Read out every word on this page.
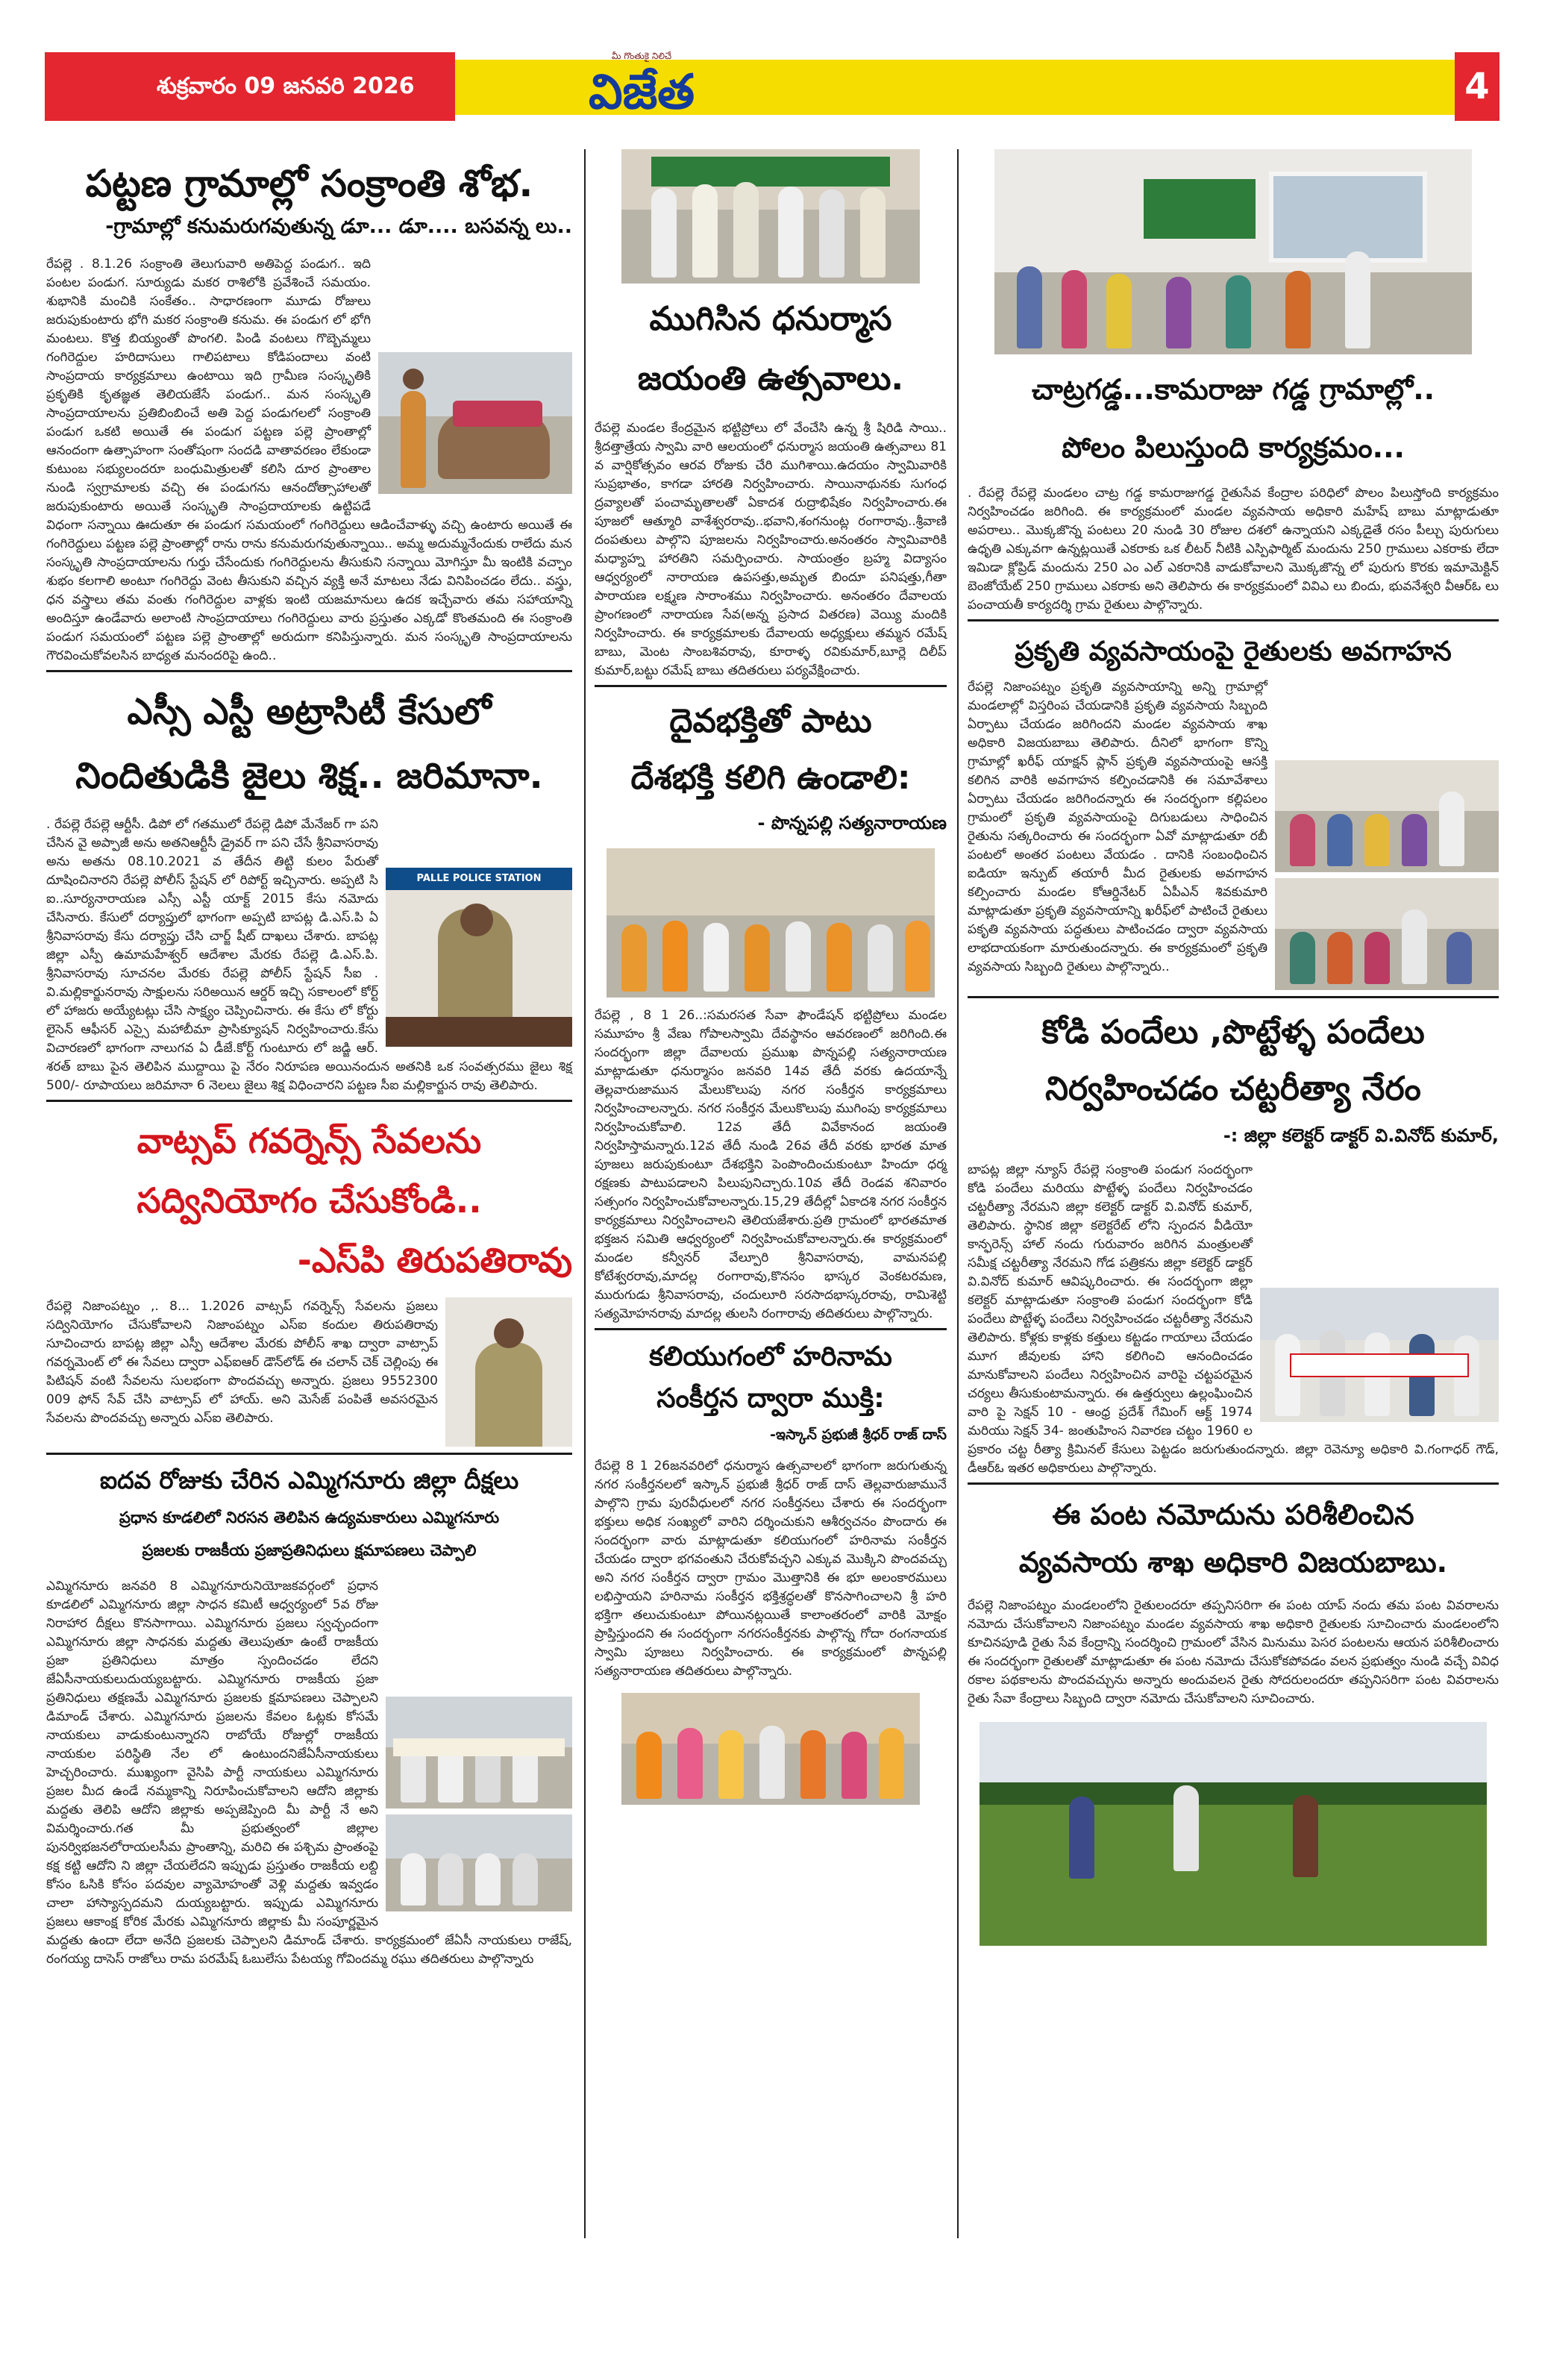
శుక్రవారం 09 జనవరి 2026
మీ గొంతుకై నిలిచే
విజేత	4
పట్టణ గ్రామాల్లో సంక్రాంతి శోభ.
-గ్రామాల్లో కనుమరుగవుతున్న డూ... డూ.... బసవన్న లు..
రేపల్లె . 8.1.26 సంక్రాంతి తెలుగువారి అతిపెద్ద పండుగ.. ఇది పంటల పండుగ. సూర్యుడు మకర రాశిలోకి ప్రవేశించే సమయం. శుభానికి మంచికి సంకేతం.. సాధారణంగా మూడు రోజులు జరుపుకుంటారు భోగి మకర సంక్రాంతి కనుమ. ఈ పండుగ లో భోగి మంటలు. కొత్త బియ్యంతో పొంగలి. పిండి వంటలు గొబ్బెమ్మలు గంగిరెద్దుల హరిదాసులు గాలిపటాలు కోడిపందాలు వంటి సాంప్రదాయ కార్యక్రమాలు ఉంటాయి ఇది గ్రామీణ సంస్కృతికి ప్రకృతికి కృతజ్ఞత తెలియజేసే పండుగ.. మన సంస్కృతి సాంప్రదాయాలను ప్రతిబింబించే అతి పెద్ద పండుగలలో సంక్రాంతి పండుగ ఒకటి అయితే ఈ పండుగ పట్టణ పల్లె ప్రాంతాల్లో ఆనందంగా ఉత్సాహంగా సంతోషంగా సందడి వాతావరణం లేకుండా కుటుంబ సభ్యులందరూ బంధుమిత్రులతో కలిసి దూర ప్రాంతాల నుండి స్వగ్రామాలకు వచ్చి ఈ పండుగను ఆనందోత్సాహాలతో జరుపుకుంటారు అయితే సంస్కృతి సాంప్రదాయాలకు ఉట్టిపడే విధంగా సన్నాయి ఊదుతూ ఈ పండుగ సమయంలో గంగిరెద్దులు ఆడించేవాళ్ళు వచ్చి ఉంటారు అయితే ఈ గంగిరెద్దులు పట్టణ పల్లె ప్రాంతాల్లో రాను రాను కనుమరుగవుతున్నాయి.. అమ్మ అదుమ్మనేందుకు రాలేదు మన సంస్కృతి సాంప్రదాయాలను గుర్తు చేసేందుకు గంగిరెద్దులను తీసుకుని సన్నాయి మోగిస్తూ మీ ఇంటికి వచ్చాం శుభం కలగాలి అంటూ గంగిరెద్దు వెంట తీసుకుని వచ్చిన వ్యక్తి అనే మాటలు నేడు వినిపించడం లేదు.. వస్త్రు, ధన వస్త్రాలు తమ వంతు గంగిరెద్దుల వాళ్లకు ఇంటి యజమానులు ఉదక ఇచ్చేవారు తమ సహాయాన్ని అందిస్తూ ఉండేవారు అలాంటి సాంప్రదాయాలు గంగిరెద్దులు వారు ప్రస్తుతం ఎక్కడో కొంతమంది ఈ సంక్రాంతి పండుగ సమయంలో పట్టణ పల్లె ప్రాంతాల్లో అరుదుగా కనిపిస్తున్నారు. మన సంస్కృతి సాంప్రదాయాలను గౌరవించుకోవలసిన బాధ్యత మనందరిపై ఉంది..
ఎస్సీ ఎస్టీ అట్రాసిటీ కేసులో
నిందితుడికి జైలు శిక్ష.. జరిమానా.
PALLE POLICE STATION
. రేపల్లె రేపల్లె ఆర్టీసీ. డిపో లో గతములో రేపల్లె డిపో మేనేజర్ గా పని చేసిన వై అప్పాజీ అను అతనిఆర్టీసీ డ్రైవర్ గా పని చేసే శ్రీనివాసరావు అను అతను 08.10.2021 వ తేదీన తిట్టి కులం పేరుతో దూషించినారని రేపల్లె పోలీస్ స్టేషన్ లో రిపోర్ట్ ఇచ్చినారు. అప్పటి సి ఐ..సూర్యనారాయణ ఎస్సీ ఎస్టీ యాక్ట్ 2015 కేసు నమోదు చేసినారు. కేసులో దర్యాప్తులో భాగంగా అప్పటి బాపట్ల డి.ఎస్.పి ఏ శ్రీనివాసరావు కేసు దర్యాప్తు చేసి చార్జ్ షీట్ దాఖలు చేశారు. బాపట్ల జిల్లా ఎస్పీ ఉమామహేశ్వర్ ఆదేశాల మేరకు రేపల్లె డి.ఎస్.పి. శ్రీనివాసరావు సూచనల మేరకు రేపల్లె పోలీస్ స్టేషన్ సీఐ . వి.మల్లికార్జునరావు సాక్షులను సరిఅయిన ఆర్డర్ ఇచ్చి సకాలంలో కోర్ట్ లో హాజరు అయ్యేటట్లు చేసి సాక్ష్యం చెప్పించినారు. ఈ కేసు లో కోర్టు లైసెన్ ఆఫీసర్ ఎస్సై మహాబీమా ప్రాసిక్యూషన్ నిర్వహించారు.కేసు విచారణలో భాగంగా నాలుగవ ఏ డీజే.కోర్ట్ గుంటూరు లో జడ్జి ఆర్. శరత్ బాబు పైన తెలిపిన ముద్దాయి పై నేరం నిరూపణ అయినందున అతనికి ఒక సంవత్సరము జైలు శిక్ష 500/- రూపాయలు జరిమానా 6 నెలలు జైలు శిక్ష విధించారని పట్టణ సీఐ మల్లికార్జున రావు తెలిపారు.
వాట్సప్ గవర్నెన్స్ సేవలను
సద్వినియోగం చేసుకోండి..
-ఎస్‌పి తిరుపతిరావు
రేపల్లె నిజాంపట్నం ,. 8... 1.2026 వాట్సప్ గవర్నెన్స్ సేవలను ప్రజలు సద్వినియోగం చేసుకోవాలని నిజాంపట్నం ఎస్ఐ కందుల తిరుపతిరావు సూచించారు బాపట్ల జిల్లా ఎస్పీ ఆదేశాల మేరకు పోలీస్ శాఖ ద్వారా వాట్సాప్ గవర్నమెంట్ లో ఈ సేవలు ద్వారా ఎఫ్ఐఆర్ డౌన్‌లోడ్ ఈ చలాన్ చెక్ చెల్లింపు ఈ పిటిషన్ వంటి సేవలను సులభంగా పొందవచ్చు అన్నారు. ప్రజలు 9552300 009 ఫోన్ సేవ్ చేసి వాట్సాప్ లో హాయ్. అని మెసేజ్ పంపితే అవసరమైన సేవలను పొందవచ్చు అన్నారు ఎస్ఐ తెలిపారు.
ఐదవ రోజుకు చేరిన ఎమ్మిగనూరు జిల్లా దీక్షలు
ప్రధాన కూడలిలో నిరసన తెలిపిన ఉద్యమకారులు ఎమ్మిగనూరు
ప్రజలకు రాజకీయ ప్రజాప్రతినిధులు క్షమాపణలు చెప్పాలి
ఎమ్మిగనూరు జనవరి 8 ఎమ్మిగనూరునియోజకవర్గంలో ప్రధాన కూడలిలో ఎమ్మిగనూరు జిల్లా సాధన కమిటీ ఆధ్వర్యంలో 5వ రోజు నిరాహార దీక్షలు కొనసాగాయి. ఎమ్మిగనూరు ప్రజలు స్వచ్ఛందంగా ఎమ్మిగనూరు జిల్లా సాధనకు మద్దతు తెలుపుతూ ఉంటే రాజకీయ ప్రజా ప్రతినిధులు మాత్రం స్పందించడం లేదని జేఏసీనాయకులుదుయ్యబట్టారు. ఎమ్మిగనూరు రాజకీయ ప్రజా ప్రతినిధులు తక్షణమే ఎమ్మిగనూరు ప్రజలకు క్షమాపణలు చెప్పాలని డిమాండ్ చేశారు. ఎమ్మిగనూరు ప్రజలను కేవలం ఓట్లకు కోసమే నాయకులు వాడుకుంటున్నారని రాబోయే రోజుల్లో రాజకీయ నాయకుల పరిస్థితి నేల లో ఉంటుందనిజేఏసీనాయకులు హెచ్చరించారు. ముఖ్యంగా వైసిపి పార్టీ నాయకులు ఎమ్మిగనూరు ప్రజల మీద ఉండే నమ్మకాన్ని నిరూపించుకోవాలని ఆదోని జిల్లాకు మద్దతు తెలిపి ఆదోని జిల్లాకు అప్పజెప్పింది మీ పార్టీ నే అని విమర్శించారు.గత మీ ప్రభుత్వంలో జిల్లాల పునర్విభజనలోరాయలసీమ ప్రాంతాన్ని, మరిచి ఈ పశ్చిమ ప్రాంతంపై కక్ష కట్టి ఆదోని ని జిల్లా చేయలేదని ఇప్పుడు ప్రస్తుతం రాజకీయ లబ్ది కోసం ఓసికి కోసం పదవుల వ్యామోహంతో వెళ్లి మద్దతు ఇవ్వడం చాలా హాస్యాస్పదమని దుయ్యబట్టారు. ఇప్పుడు ఎమ్మిగనూరు ప్రజలు ఆకాంక్ష కోరిక మేరకు ఎమ్మిగనూరు జిల్లాకు మీ సంపూర్ణమైన మద్దతు ఉందా లేదా అనేది ప్రజలకు చెప్పాలని డిమాండ్ చేశారు. కార్యక్రమంలో జేఏసీ నాయకులు రాజేష్, రంగయ్య దాసెస్ రాజోలు రామ పరమేష్ ఓబులేసు పేటయ్య గోవిందమ్మ రఘు తదితరులు పాల్గొన్నారు
ముగిసిన ధనుర్మాస
జయంతి ఉత్సవాలు.
రేపల్లె మండల కేంద్రమైన భట్టిప్రోలు లో వేంచేసి ఉన్న శ్రీ షిరిడి సాయి.. శ్రీదత్తాత్రేయ స్వామి వారి ఆలయంలో ధనుర్మాస జయంతి ఉత్సవాలు 81 వ వార్షికోత్సవం ఆరవ రోజుకు చేరి ముగిశాయి.ఉదయం స్వామివారికి సుప్రభాతం, కాగడా హారతి నిర్వహించారు. సాయినాథునకు సుగంధ ద్రవ్యాలతో పంచామృతాలతో ఏకాదశ రుద్రాభిషేకం నిర్వహించారు.ఈ పూజలో ఆత్మూరి వాశేశ్వరరావు..భవాని,శంగనుంట్ల రంగారావు..శ్రీవాణి దంపతులు పాల్గొని పూజలను నిర్వహించారు.అనంతరం స్వామివారికి మధ్యాహ్న హారతిని సమర్పించారు. సాయంత్రం బ్రహ్మ విద్యాసం ఆధ్వర్యంలో నారాయణ ఉపసత్తు,అమృత బిందూ పనిషత్తు,గీతా పారాయణ లక్ష్మణ సారాంశము నిర్వహించారు. అనంతరం దేవాలయ ప్రాంగణంలో నారాయణ సేవ(అన్న ప్రసాద వితరణ) వెయ్యి మందికి నిర్వహించారు. ఈ కార్యక్రమాలకు దేవాలయ అధ్యక్షులు తమ్మన రమేష్ బాబు, మెంట సాంబశివరావు, కూరాళ్ళ రవికుమార్,బూర్లె దిలీప్ కుమార్,బట్టు రమేష్ బాబు తదితరులు పర్యవేక్షించారు.
దైవభక్తితో పాటు
దేశభక్తి కలిగి ఉండాలి:
- పొన్నపల్లి సత్యనారాయణ
రేపల్లె , 8 1 26..:సమరసత సేవా ఫౌండేషన్ భట్టిప్రోలు మండల సమూహం శ్రీ వేణు గోపాలస్వామి దేవస్థానం ఆవరణంలో జరిగింది.ఈ సందర్భంగా జిల్లా దేవాలయ ప్రముఖ పొన్నపల్లి సత్యనారాయణ మాట్లాడుతూ ధనుర్మాసం జనవరి 14వ తేదీ వరకు ఉదయాన్నే తెల్లవారుజామున మేలుకొలుపు నగర సంకీర్తన కార్యక్రమాలు నిర్వహించాలన్నారు. నగర సంకీర్తన మేలుకొలుపు ముగింపు కార్యక్రమాలు నిర్వహించుకోవాలి. 12వ తేదీ వివేకానంద జయంతి నిర్వహిస్తామన్నారు.12వ తేదీ నుండి 26వ తేదీ వరకు భారత మాత పూజలు జరుపుకుంటూ దేశభక్తిని పెంపొందించుకుంటూ హిందూ ధర్మ రక్షణకు పాటుపడాలని పిలుపునిచ్చారు.10వ తేదీ రెండవ శనివారం సత్సంగం నిర్వహించుకోవాలన్నారు.15,29 తేదీల్లో ఏకాదశి నగర సంకీర్తన కార్యక్రమాలు నిర్వహించాలని తెలియజేశారు.ప్రతి గ్రామంలో భారతమాత భక్తజన సమితి ఆధ్వర్యంలో నిర్వహించుకోవాలన్నారు.ఈ కార్యక్రమంలో మండల కన్వీనర్ వేల్పూరి శ్రీనివాసరావు, వామనపల్లి కోటేశ్వరరావు,మాదల్ల రంగారావు,కొనసం భాస్కర వెంకటరమణ, మురుగుడు శ్రీనివాసరావు, చందులూరి సరసాదభాస్కరరావు, రామిశెట్టి సత్యమోహనరావు మాదల్ల తులసి రంగారావు తదితరులు పాల్గొన్నారు.
కలియుగంలో హరినామ
సంకీర్తన ద్వారా ముక్తి:
-ఇస్కాన్ ప్రభుజీ శ్రీధర్ రాజ్ దాస్
రేపల్లె 8 1 26జనవరిలో ధనుర్మాస ఉత్సవాలలో భాగంగా జరుగుతున్న నగర సంకీర్తనలలో ఇస్కాన్ ప్రభుజీ శ్రీధర్ రాజ్ దాస్ తెల్లవారుజామునే పాల్గొని గ్రామ పురవీధులలో నగర సంకీర్తనలు చేశారు ఈ సందర్భంగా భక్తులు అధిక సంఖ్యలో వారిని దర్శించుకుని ఆశీర్వచనం పొందారు ఈ సందర్భంగా వారు మాట్లాడుతూ కలియుగంలో హరినామ సంకీర్తన చేయడం ద్వారా భగవంతుని చేరుకోవచ్చని ఎక్కువ మొక్కిని పొందవచ్చు అని నగర సంకీర్తన ద్వారా గ్రామం మొత్తానికి ఈ భూ అలంకారములు లభిస్తాయని హరినామ సంకీర్తన భక్తిశ్రద్ధలతో కొనసాగించాలని శ్రీ హరి భక్తిగా తలుచుకుంటూ పోయినట్లయితే కాలాంతరంలో వారికి మోక్షం ప్రాప్తిస్తుందని ఈ సందర్భంగా నగరసంకీర్తనకు పాల్గొన్న గోదా రంగనాయక స్వామి పూజలు నిర్వహించారు. ఈ కార్యక్రమంలో పొన్నపల్లి సత్యనారాయణ తదితరులు పాల్గొన్నారు.
చాట్రగడ్డ...కామరాజు గడ్డ గ్రామాల్లో..
పోలం పిలుస్తుంది కార్యక్రమం...
. రేపల్లె రేపల్లె మండలం చాట్ర గడ్డ కామరాజుగడ్డ రైతుసేవ కేంద్రాల పరిధిలో పొలం పిలుస్తోంది కార్యక్రమం నిర్వహించడం జరిగింది. ఈ కార్యక్రమంలో మండల వ్యవసాయ అధికారి మహేష్ బాబు మాట్లాడుతూ అపరాలు.. మొక్కజొన్న పంటలు 20 నుండి 30 రోజుల దశలో ఉన్నాయని ఎక్కడైతే రసం పీల్చు పురుగులు ఉధృతి ఎక్కువగా ఉన్నట్లయితే ఎకరాకు ఒక లీటర్ నీటికి ఎస్పిఫార్మిట్ మందును 250 గ్రాములు ఎకరాకు లేదా ఇమిడా క్లోప్రిడ్ మందును 250 ఎం ఎల్ ఎకరానికి వాడుకోవాలని మొక్కజొన్న లో పురుగు కొరకు ఇమామెక్టిన్ బెంజోయేట్ 250 గ్రాములు ఎకరాకు అని తెలిపారు ఈ కార్యక్రమంలో వివిఎ లు బిందు, భువనేశ్వరి వీఆర్ఓ లు పంచాయతీ కార్యదర్శి గ్రామ రైతులు పాల్గొన్నారు.
ప్రకృతి వ్యవసాయంపై రైతులకు అవగాహన
రేపల్లె నిజాంపట్నం ప్రకృతి వ్యవసాయాన్ని అన్ని గ్రామాల్లో మండలాల్లో విస్తరింప చేయడానికి ప్రకృతి వ్యవసాయ సిబ్బంది ఏర్పాటు చేయడం జరిగిందని మండల వ్యవసాయ శాఖ అధికారి విజయబాబు తెలిపారు. దీనిలో భాగంగా కొన్ని గ్రామాల్లో ఖరీఫ్ యాక్షన్ ప్లాన్ ప్రకృతి వ్యవసాయంపై ఆసక్తి కలిగిన వారికి అవగాహన కల్పించడానికి ఈ సమావేశాలు ఏర్పాటు చేయడం జరిగిందన్నారు ఈ సందర్భంగా కల్లిపలం గ్రామంలో ప్రకృతి వ్యవసాయంపై దిగుబడులు సాధించిన రైతును సత్కరించారు ఈ సందర్భంగా ఏవో మాట్లాడుతూ రబీ పంటలో అంతర పంటలు వేయడం . దానికి సంబంధించిన ఐడియా ఇన్పుట్ తయారీ మీద రైతులకు అవగాహన కల్పించారు మండల కోఆర్డినేటర్ ఏపీఎన్ శివకుమారి మాట్లాడుతూ ప్రకృతి వ్యవసాయాన్ని ఖరీఫ్‌లో పాటించే రైతులు పకృతి వ్యవసాయ పద్ధతులు పాటించడం ద్వారా వ్యవసాయ లాభదాయకంగా మారుతుందన్నారు. ఈ కార్యక్రమంలో ప్రకృతి వ్యవసాయ సిబ్బంది రైతులు పాల్గొన్నారు..
కోడి పందేలు ,పొట్టేళ్ళ పందేలు
నిర్వహించడం చట్టరీత్యా నేరం
-: జిల్లా కలెక్టర్ డాక్టర్ వి.వినోద్ కుమార్,
బాపట్ల జిల్లా న్యూస్ రేపల్లె సంక్రాంతి పండుగ సందర్భంగా కోడి పందేలు మరియు పొట్టేళ్ళ పందేలు నిర్వహించడం చట్టరీత్యా నేరమని జిల్లా కలెక్టర్ డాక్టర్ వి.వినోద్ కుమార్, తెలిపారు. స్థానిక జిల్లా కలెక్టరేట్ లోని స్పందన వీడియో కాన్ఫరెన్స్ హాల్ నందు గురువారం జరిగిన మంత్రులతో సమీక్ష చట్టరీత్యా నేరమని గోడ పత్రికను జిల్లా కలెక్టర్ డాక్టర్ వి.వినోద్ కుమార్ ఆవిష్కరించారు. ఈ సందర్భంగా జిల్లా కలెక్టర్ మాట్లాడుతూ సంక్రాంతి పండుగ సందర్భంగా కోడి పందేలు పొట్టేళ్ళ పందేలు నిర్వహించడం చట్టరీత్యా నేరమని తెలిపారు. కోళ్లకు కాళ్లకు కత్తులు కట్టడం గాయాలు చేయడం మూగ జీవులకు హాని కలిగించి ఆనందించడం మానుకోవాలని పందేలు నిర్వహించిన వారిపై చట్టపరమైన చర్యలు తీసుకుంటామన్నారు. ఈ ఉత్తర్వులు ఉల్లంఘించిన వారి పై సెక్షన్ 10 - ఆంధ్ర ప్రదేశ్ గేమింగ్ ఆక్ట్ 1974 మరియు సెక్షన్ 34- జంతుహింస నివారణ చట్టం 1960 ల ప్రకారం చట్ట రీత్యా క్రిమినల్ కేసులు పెట్టడం జరుగుతుందన్నారు. జిల్లా రెవెన్యూ అధికారి వి.గంగాధర్ గౌడ్, డీఆర్ఓ ఇతర అధికారులు పాల్గొన్నారు.
ఈ పంట నమోదును పరిశీలించిన
వ్యవసాయ శాఖ అధికారి విజయబాబు.
రేపల్లె నిజాంపట్నం మండలంలోని రైతులందరూ తప్పనిసరిగా ఈ పంట యాప్ నందు తమ పంట వివరాలను నమోదు చేసుకోవాలని నిజాంపట్నం మండల వ్యవసాయ శాఖ అధికారి రైతులకు సూచించారు మండలంలోని కూచినపూడి రైతు సేవ కేంద్రాన్ని సందర్శించి గ్రామంలో వేసిన మినుము పెసర పంటలను ఆయన పరిశీలించారు ఈ సందర్భంగా రైతులతో మాట్లాడుతూ ఈ పంట నమోదు చేసుకోకపోవడం వలన ప్రభుత్వం నుండి వచ్చే వివిధ రకాల పథకాలను పొందవచ్చును అన్నారు అందువలన రైతు సోదరులందరూ తప్పనిసరిగా పంట వివరాలను రైతు సేవా కేంద్రాలు సిబ్బంది ద్వారా నమోదు చేసుకోవాలని సూచించారు.
